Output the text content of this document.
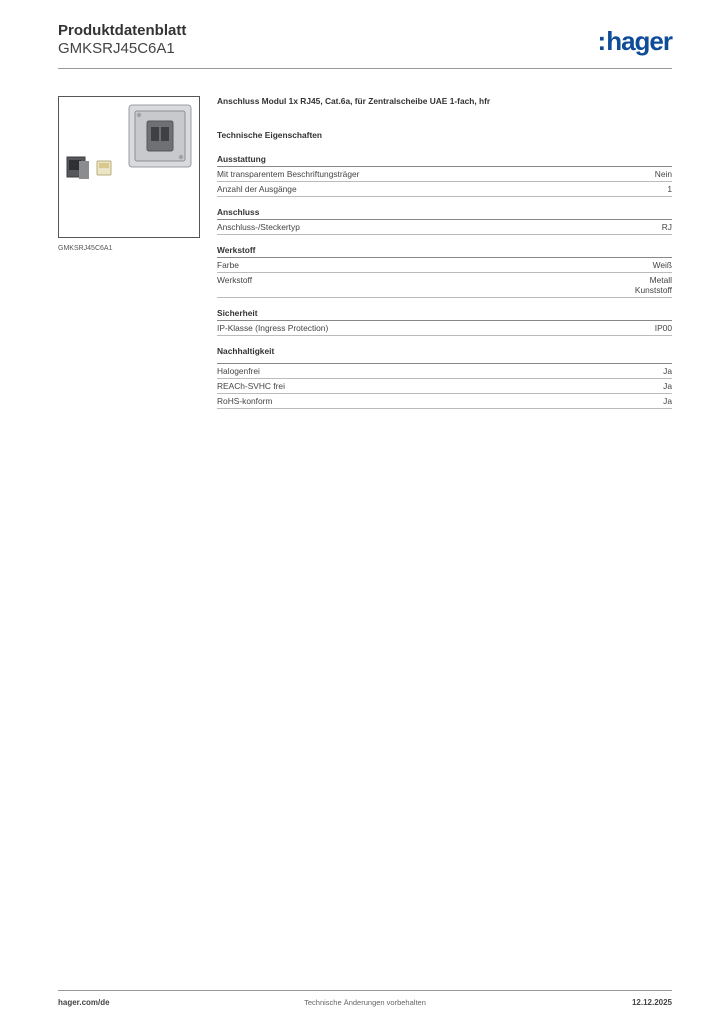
Produktdatenblatt
GMKSRJ45C6A1	:hager
GMKSRJ45C6A1
Anschluss Modul 1x RJ45, Cat.6a, für Zentralscheibe UAE 1-fach, hfr
Technische Eigenschaften
Ausstattung
Mit transparentem Beschriftungsträger	Nein
Anzahl der Ausgänge	1
Anschluss
Anschluss-/Steckertyp	RJ
Werkstoff
Farbe	Weiß
Werkstoff	Metall
Kunststoff
Sicherheit
IP-Klasse (Ingress Protection)	IP00
Nachhaltigkeit
Halogenfrei	Ja
REACh-SVHC frei	Ja
RoHS-konform	Ja
hager.com/de	Technische Änderungen vorbehalten	12.12.2025
